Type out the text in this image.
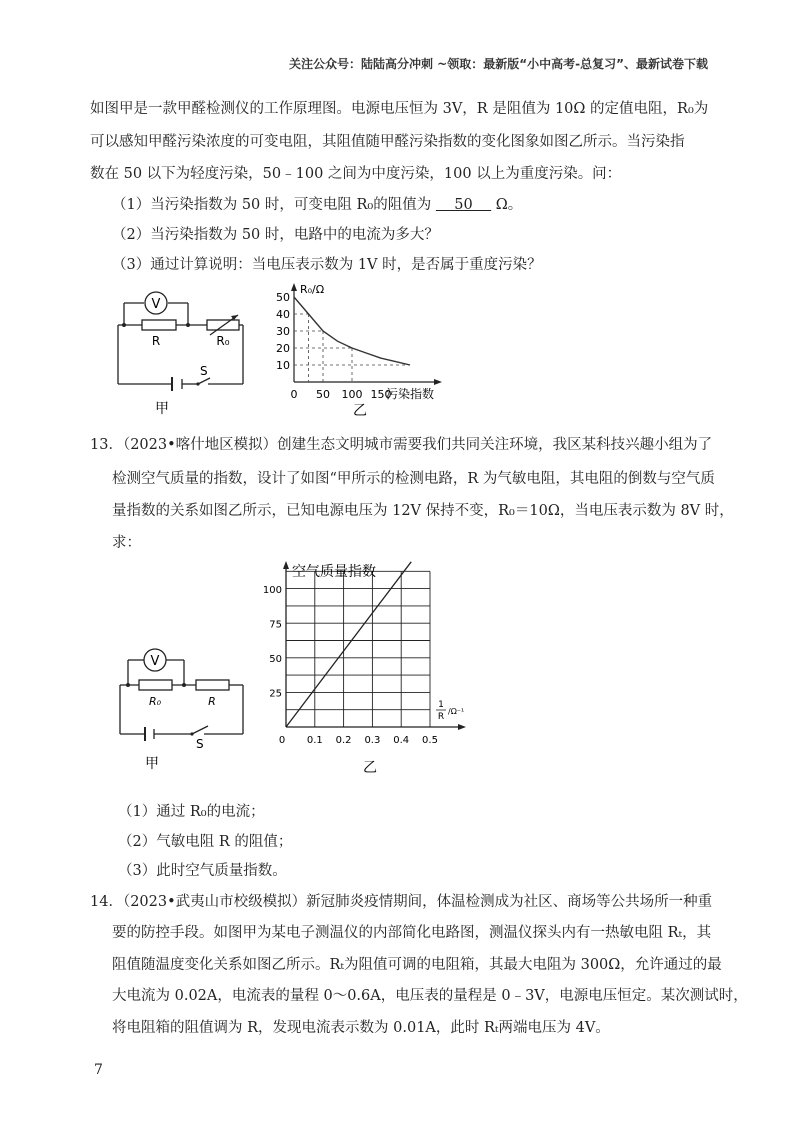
关注公众号：陆陆高分冲刺 ~领取：最新版“小中高考-总复习”、最新试卷下载
如图甲是一款甲醛检测仪的工作原理图。电源电压恒为 3V，R 是阻值为 10Ω 的定值电阻，R₀为
可以感知甲醛污染浓度的可变电阻，其阻值随甲醛污染指数的变化图象如图乙所示。当污染指
数在 50 以下为轻度污染，50﹣100 之间为中度污染，100 以上为重度污染。问：
（1）当污染指数为 50 时，可变电阻 R₀的阻值为     50     Ω。
（2）当污染指数为 50 时，电路中的电流为多大？
（3）通过计算说明：当电压表示数为 1V 时，是否属于重度污染？
V
R	R₀
S
甲
R₀/Ω
污染指数
乙
0 50 100 150
10
20
30
40
50
13．（2023•喀什地区模拟）创建生态文明城市需要我们共同关注环境，我区某科技兴趣小组为了
检测空气质量的指数，设计了如图“甲所示的检测电路，R 为气敏电阻，其电阻的倒数与空气质
量指数的关系如图乙所示，已知电源电压为 12V 保持不变，R₀＝10Ω，当电压表示数为 8V 时，
求：
V
R₀	R
S
甲
空气质量指数
1
R
/Ω⁻¹
0 0.1 0.2 0.3 0.4 0.5
25
50
75
100
乙
（1）通过 R₀的电流；
（2）气敏电阻 R 的阻值；
（3）此时空气质量指数。
14．（2023•武夷山市校级模拟）新冠肺炎疫情期间，体温检测成为社区、商场等公共场所一种重
要的防控手段。如图甲为某电子测温仪的内部简化电路图，测温仪探头内有一热敏电阻 Rₜ，其
阻值随温度变化关系如图乙所示。Rₜ为阻值可调的电阻箱，其最大电阻为 300Ω，允许通过的最
大电流为 0.02A，电流表的量程 0～0.6A，电压表的量程是 0﹣3V，电源电压恒定。某次测试时，
将电阻箱的阻值调为 R，发现电流表示数为 0.01A，此时 Rₜ两端电压为 4V。
7
